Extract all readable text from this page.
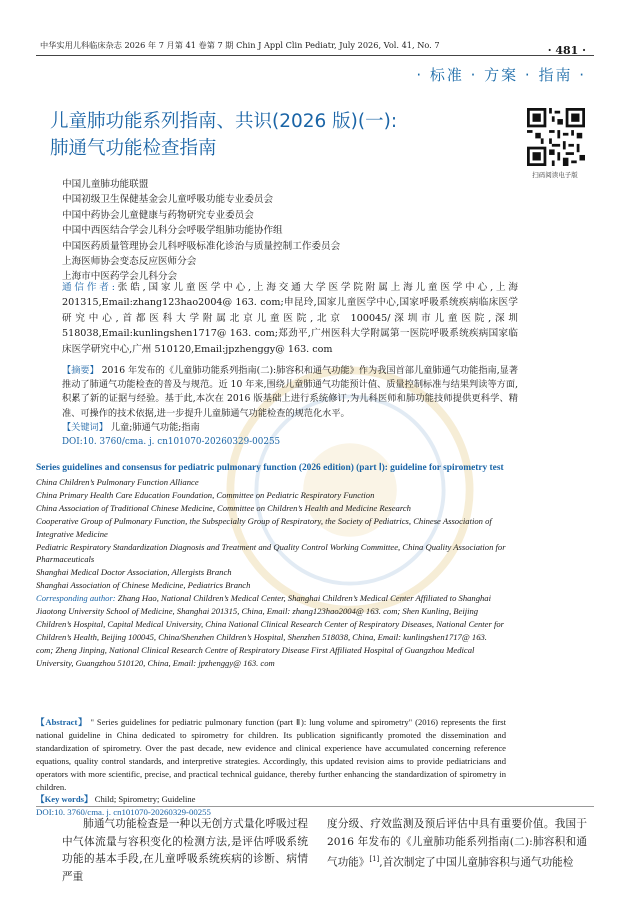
中华实用儿科临床杂志 2026 年 7 月第 41 卷第 7 期 Chin J Appl Clin Pediatr, July 2026, Vol. 41, No. 7	· 481 ·
· 标准 · 方案 · 指南 ·
儿童肺功能系列指南、共识(2026 版)(一):
肺通气功能检查指南
扫码阅读电子版
中国儿童肺功能联盟
中国初级卫生保健基金会儿童呼吸功能专业委员会
中国中药协会儿童健康与药物研究专业委员会
中国中西医结合学会儿科分会呼吸学组肺功能协作组
中国医药质量管理协会儿科呼吸标准化诊治与质量控制工作委员会
上海医师协会变态反应医师分会
上海市中医药学会儿科分会
通信作者:张皓,国家儿童医学中心,上海交通大学医学院附属上海儿童医学中心,上海 201315,Email:zhang123hao2004@ 163. com;申昆玲,国家儿童医学中心,国家呼吸系统疾病临床医学研究中心,首都医科大学附属北京儿童医院,北京 100045/深圳市儿童医院,深圳 518038,Email:kunlingshen1717@ 163. com;郑劲平,广州医科大学附属第一医院呼吸系统疾病国家临床医学研究中心,广州 510120,Email:jpzhenggy@ 163. com
【摘要】 2016 年发布的《儿童肺功能系列指南(二):肺容积和通气功能》作为我国首部儿童肺通气功能指南,显著推动了肺通气功能检查的普及与规范。近 10 年来,围绕儿童肺通气功能预计值、质量控制标准与结果判读等方面,积累了新的证据与经验。基于此,本次在 2016 版基础上进行系统修订,为儿科医师和肺功能技师提供更科学、精准、可操作的技术依据,进一步提升儿童肺通气功能检查的规范化水平。
【关键词】 儿童;肺通气功能;指南
DOI:10. 3760/cma. j. cn101070-20260329-00255
Series guidelines and consensus for pediatric pulmonary function (2026 edition) (part Ⅰ): guideline for spirometry test
China Children’s Pulmonary Function Alliance
China Primary Health Care Education Foundation, Committee on Pediatric Respiratory Function
China Association of Traditional Chinese Medicine, Committee on Children’s Health and Medicine Research
Cooperative Group of Pulmonary Function, the Subspecialty Group of Respiratory, the Society of Pediatrics, Chinese Association of Integrative Medicine
Pediatric Respiratory Standardization Diagnosis and Treatment and Quality Control Working Committee, China Quality Association for Pharmaceuticals
Shanghai Medical Doctor Association, Allergists Branch
Shanghai Association of Chinese Medicine, Pediatrics Branch
Corresponding author: Zhang Hao, National Children’s Medical Center, Shanghai Children’s Medical Center Affiliated to Shanghai Jiaotong University School of Medicine, Shanghai 201315, China, Email: zhang123hao2004@ 163. com; Shen Kunling, Beijing Children’s Hospital, Capital Medical University, China National Clinical Research Center of Respiratory Diseases, National Center for Children’s Health, Beijing 100045, China/Shenzhen Children’s Hospital, Shenzhen 518038, China, Email: kunlingshen1717@ 163. com; Zheng Jinping, National Clinical Research Centre of Respiratory Disease First Affiliated Hospital of Guangzhou Medical University, Guangzhou 510120, China, Email: jpzhenggy@ 163. com
【Abstract】 " Series guidelines for pediatric pulmonary function (part Ⅱ): lung volume and spirometry" (2016) represents the first national guideline in China dedicated to spirometry for children. Its publication significantly promoted the dissemination and standardization of spirometry. Over the past decade, new evidence and clinical experience have accumulated concerning reference equations, quality control standards, and interpretive strategies. Accordingly, this updated revision aims to provide pediatricians and operators with more scientific, precise, and practical technical guidance, thereby further enhancing the standardization of spirometry in children.
【Key words】 Child; Spirometry; Guideline
DOI:10. 3760/cma. j. cn101070-20260329-00255
肺通气功能检查是一种以无创方式量化呼吸过程中气体流量与容积变化的检测方法,是评估呼吸系统功能的基本手段,在儿童呼吸系统疾病的诊断、病情严重
度分级、疗效监测及预后评估中具有重要价值。我国于 2016 年发布的《儿童肺功能系列指南(二):肺容积和通气功能》[1],首次制定了中国儿童肺容积与通气功能检
